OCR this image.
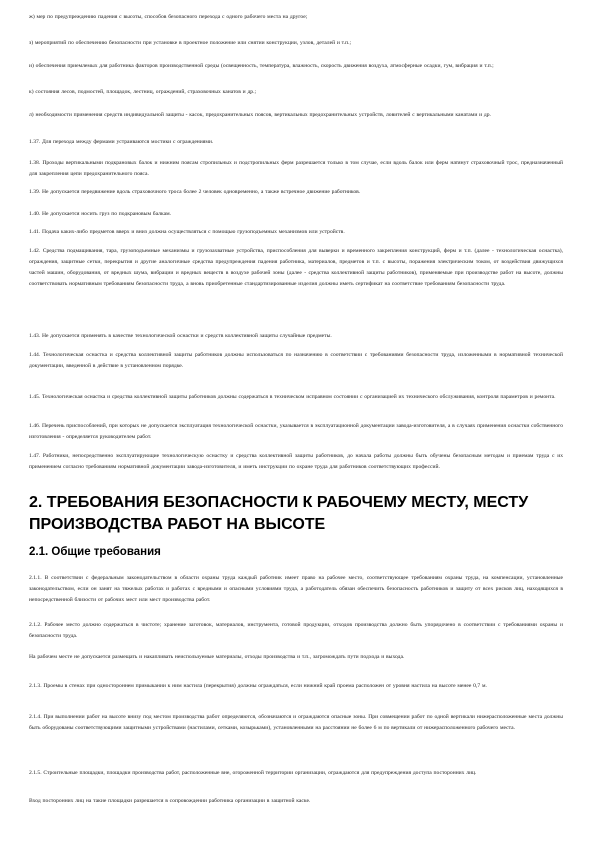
ж) мер по предупреждению падения с высоты, способов безопасного перехода с одного рабочего места на другое;

з) мероприятий по обеспечению безопасности при установке в проектное положение или снятии конструкции, узлов, деталей и т.п.;

и) обеспечения приемлемых для работника факторов производственной среды (освещенность, температура, влажность, скорость движения воздуха, атмосферные осадки, гум, вибрация и т.п.;

к) состояния лесов, подмостей, площадок, лестниц, ограждений, страховочных канатов и др.;

л) необходимости применения средств индивидуальной защиты - касок, предохранительных поясов, вертикальных предохранительных устройств, ловителей с вертикальными канатами и др.

1.37. Для перехода между фермами устраиваются мостики с ограждениями.

1.38. Проходы вертикальными подкрановых балок и нижним поясам стропильных и подстропильных ферм разрешается только в том случае, если вдоль балок или ферм натянут страховочный трос, предназначенный для закрепления цепи предохранительного пояса.

1.39. Не допускается передвижение вдоль страховочного троса более 2 человек одновременно, а также встречное движение работников.

1.40. Не допускается носить груз по подкрановым балкам.

1.41. Подача каких-либо предметов вверх и вниз должна осуществляться с помощью грузоподъемных механизмов или устройств.

1.42. Средства подмащивания, тара, грузоподъемные механизмы и грузозахватные устройства, приспособления для выверки и временного закрепления конструкций, ферм и т.п. (далее - технологическая оснастка), ограждения, защитные сетки, перекрытия и другие аналогичные средства предупреждения падения работника, материалов, предметов и т.п. с высоты, поражения электрическим током, от воздействия движущихся частей машин, оборудования, от вредных шума, вибрации и вредных веществ в воздухе рабочей зоны (далее - средства коллективной защиты работников), применяемые при производстве работ на высоте, должны соответствовать нормативным требованиям безопасности труда, а вновь приобретенные стандартизированные изделия должны иметь сертификат на соответствие требованиям безопасности труда.

1.43. Не допускается применять в качестве технологической оснастки и средств коллективной защиты случайные предметы.

1.44. Технологическая оснастка и средства коллективной защиты работников должны использоваться по назначению в соответствии с требованиями безопасности труда, изложенными в нормативной технической документации, введенной в действие в установленном порядке.

1.45. Технологическая оснастка и средства коллективной защиты работников должны содержаться в техническом исправном состоянии с организацией их технического обслуживания, контроля параметров и ремонта.

1.46. Перечень приспособлений, при которых не допускается эксплуатация технологической оснастки, указывается в эксплуатационной документации завода-изготовителя, а в случаях применения оснастки собственного изготовления - определяется руководителем работ.

1.47. Работники, непосредственно эксплуатирующие технологическую оснастку и средства коллективной защиты работников, до начала работы должны быть обучены безопасным методам и приемам труда с их применением согласно требованиям нормативной документации завода-изготовителя, и иметь инструкции по охране труда для работников соответствующих профессий.

2. ТРЕБОВАНИЯ БЕЗОПАСНОСТИ К РАБОЧЕМУ МЕСТУ, МЕСТУ ПРОИЗВОДСТВА РАБОТ НА ВЫСОТЕ
2.1. Общие требования

2.1.1. В соответствии с федеральным законодательством в области охраны труда каждый работник имеет право на рабочее место, соответствующее требованиям охраны труда, на компенсации, установленные законодательством, если он занят на тяжелых работах и работах с вредными и опасными условиями труда, а работодатель обязан обеспечить безопасность работников и защиту от всех рисков лиц, находящихся в непосредственной близости от рабочих мест или мест производства работ.

2.1.2. Рабочее место должно содержаться в чистоте; хранение заготовок, материалов, инструмента, готовой продукции, отходов производства должно быть упорядочено в соответствии с требованиями охраны и безопасности труда.

На рабочем месте не допускается размещать и накапливать неиспользуемые материалы, отходы производства и т.п., загромождать пути подхода и выхода.

2.1.3. Проемы в стенах при одностороннем примыкании к ним настила (перекрытия) должны ограждаться, если нижний край проема расположен от уровня настила на высоте менее 0,7 м.

2.1.4. При выполнении работ на высоте внизу под местом производства работ определяются, обозначаются и ограждаются опасные зоны. При совмещении работ по одной вертикали нижерасположенные места должны быть оборудованы соответствующими защитными устройствами (настилами, сетками, козырьками), установленными на расстоянии не более 6 м по вертикали от нижерасположенного рабочего места.

2.1.5. Строительные площадки, площадки производства работ, расположенные вне, огороженной территории организации, ограждаются для предупреждения доступа посторонних лиц.

Вход посторонних лиц на такие площадки разрешается в сопровождении работника организации в защитной каске.
